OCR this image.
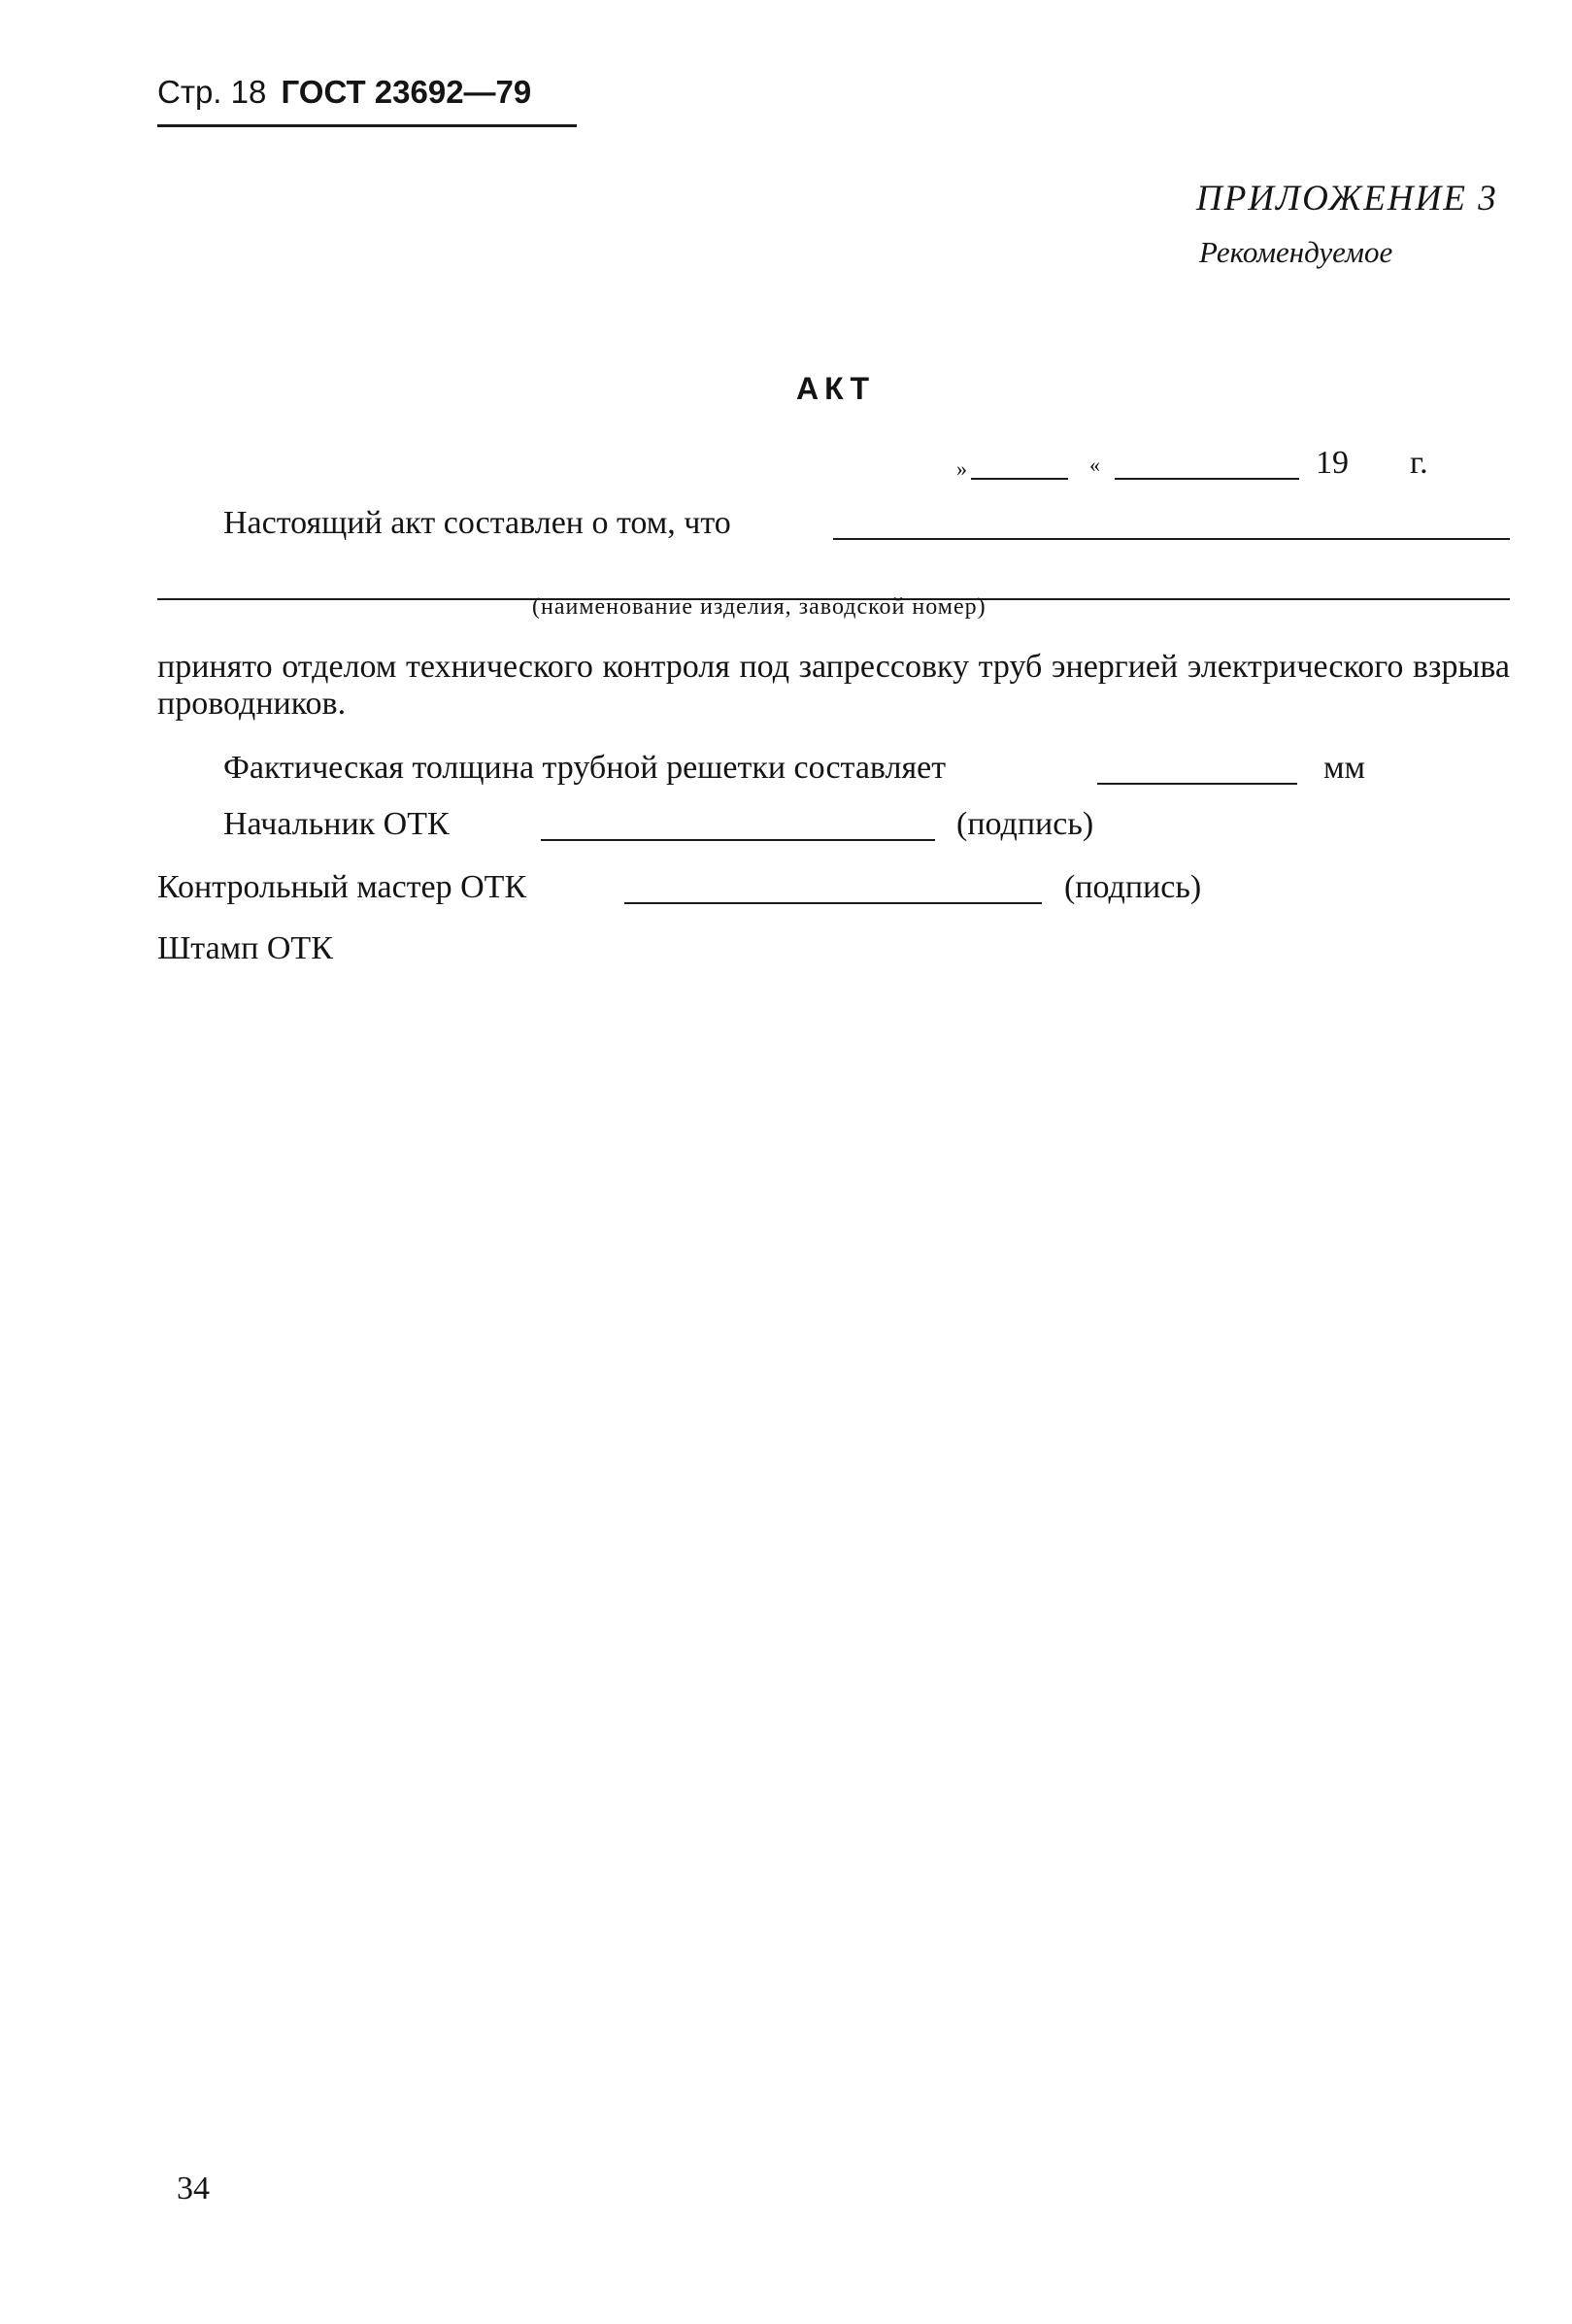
Стр. 18 ГОСТ 23692—79
ПРИЛОЖЕНИЕ 3
Рекомендуемое
АКТ
»	«	19 г.
Настоящий акт составлен о том, что
(наименование изделия, заводской номер)
принято отделом технического контроля под запрессовку труб энергией электрического взрыва проводников.
Фактическая толщина трубной решетки составляет	мм
Начальник ОТК	(подпись)
Контрольный мастер ОТК	(подпись)
Штамп ОТК
34
